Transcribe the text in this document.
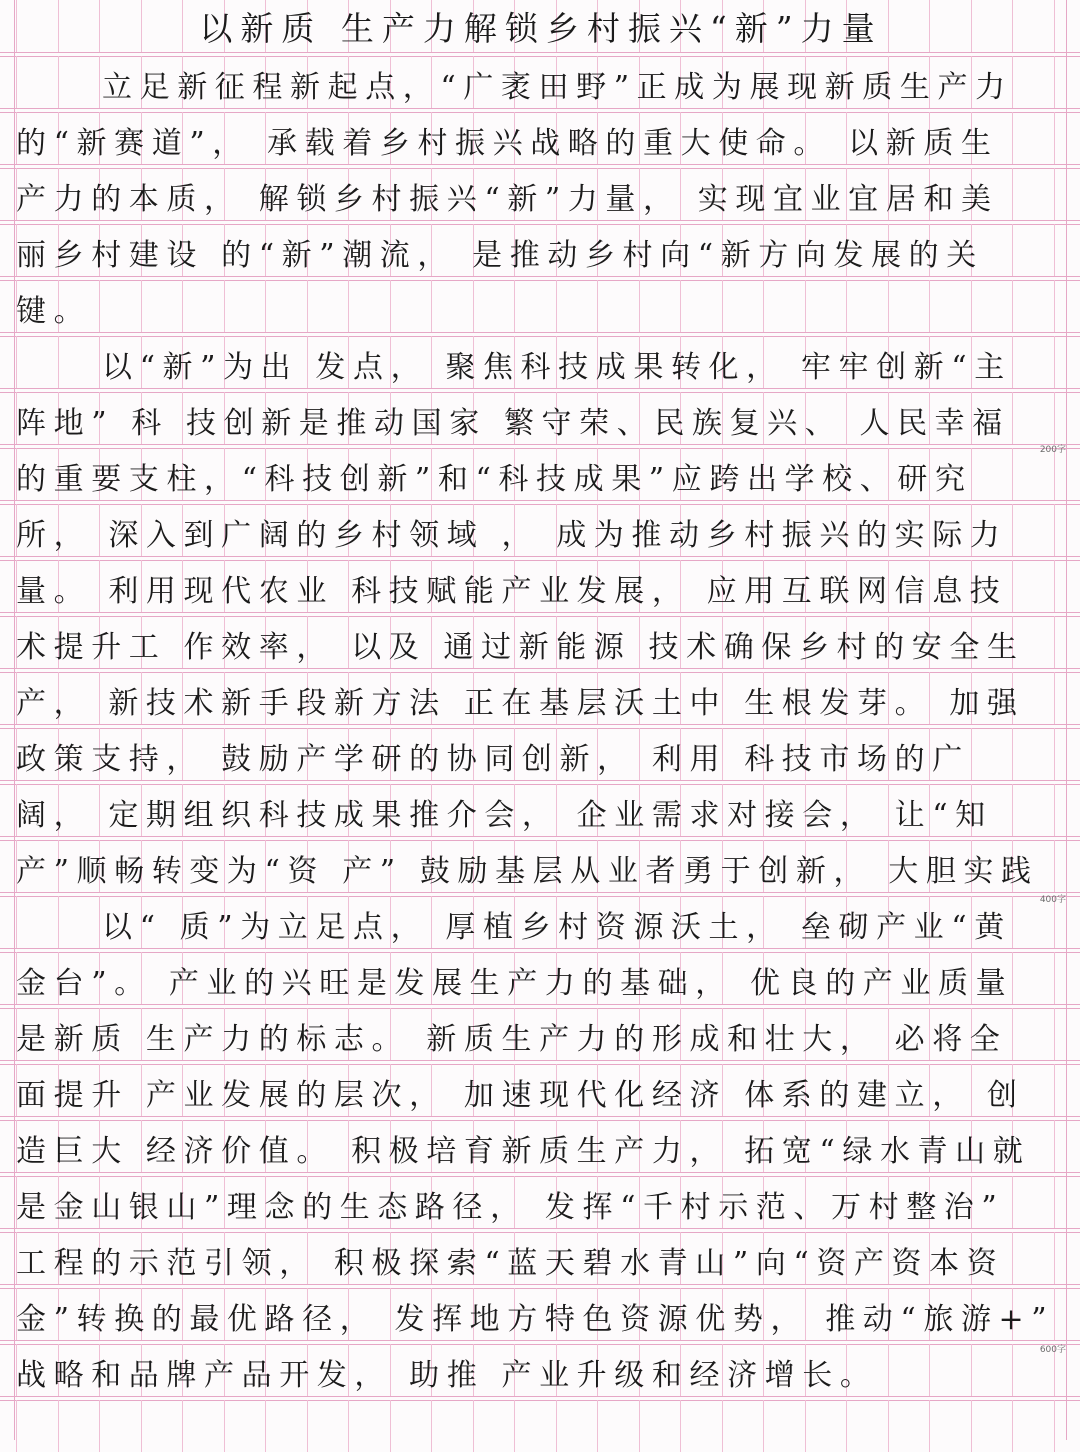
以新质 生产力解锁乡村振兴“新”力量
立足新征程新起点，“广袤田野”正成为展现新质生产力
的“新赛道”， 承载着乡村振兴战略的重大使命。 以新质生
产力的本质， 解锁乡村振兴“新”力量， 实现宜业宜居和美
丽乡村建设 的“新”潮流， 是推动乡村向“新方向发展的关
键。
以“新”为出 发点， 聚焦科技成果转化， 牢牢创新“主
阵地” 科 技创新是推动国家 繁守荣、民族复兴、 人民幸福
的重要支柱，“科技创新”和“科技成果”应跨出学校、研究
所， 深入到广阔的乡村领域 ， 成为推动乡村振兴的实际力
量。 利用现代农业 科技赋能产业发展， 应用互联网信息技
术提升工 作效率， 以及 通过新能源 技术确保乡村的安全生
产， 新技术新手段新方法 正在基层沃土中 生根发芽。 加强
政策支持， 鼓励产学研的协同创新， 利用 科技市场的广
阔， 定期组织科技成果推介会， 企业需求对接会， 让“知
产”顺畅转变为“资 产” 鼓励基层从业者勇于创新， 大胆实践
以“ 质”为立足点， 厚植乡村资源沃土， 垒砌产业“黄
金台”。 产业的兴旺是发展生产力的基础， 优良的产业质量
是新质 生产力的标志。 新质生产力的形成和壮大， 必将全
面提升 产业发展的层次， 加速现代化经济 体系的建立， 创
造巨大 经济价值。 积极培育新质生产力， 拓宽“绿水青山就
是金山银山”理念的生态路径， 发挥“千村示范、万村整治”
工程的示范引领， 积极探索“蓝天碧水青山”向“资产资本资
金”转换的最优路径， 发挥地方特色资源优势， 推动“旅游+”
战略和品牌产品开发， 助推 产业升级和经济增长。
200字
400字
600字
